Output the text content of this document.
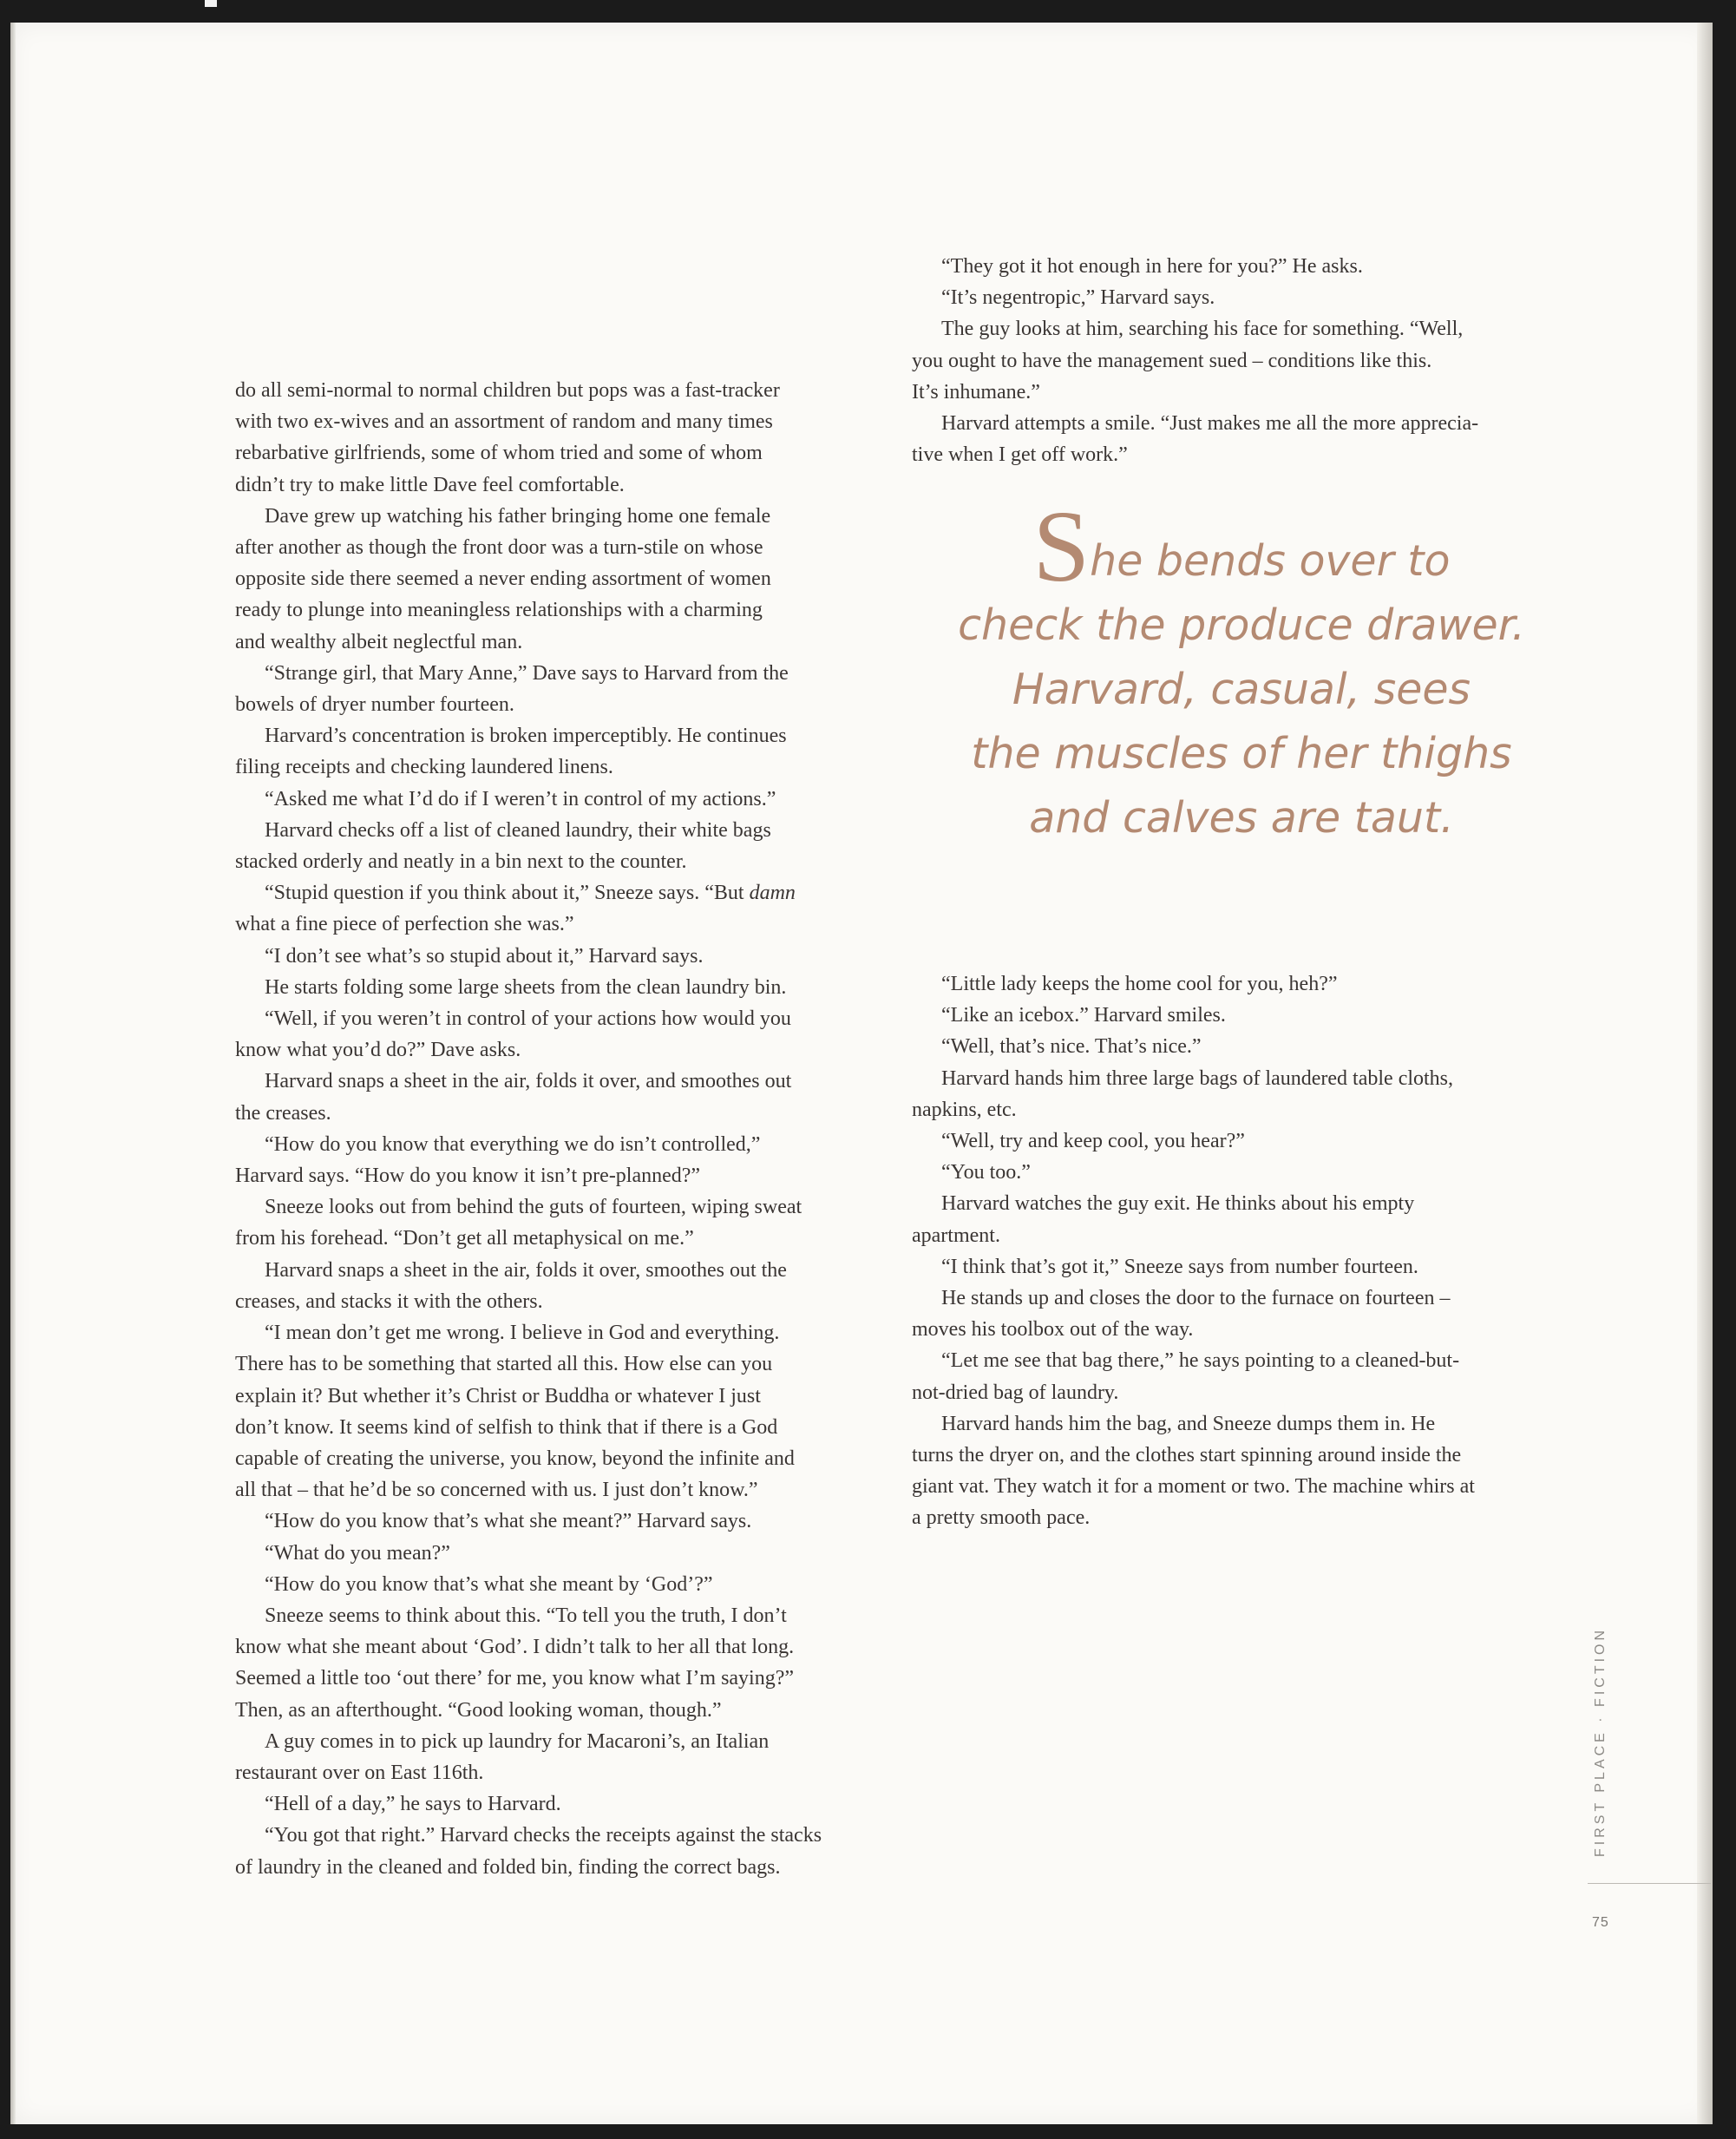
do all semi-normal to normal children but pops was a fast-tracker

with two ex-wives and an assortment of random and many times

rebarbative girlfriends, some of whom tried and some of whom

didn’t try to make little Dave feel comfortable.

Dave grew up watching his father bringing home one female

after another as though the front door was a turn-stile on whose

opposite side there seemed a never ending assortment of women

ready to plunge into meaningless relationships with a charming

and wealthy albeit neglectful man.

“Strange girl, that Mary Anne,” Dave says to Harvard from the

bowels of dryer number fourteen.

Harvard’s concentration is broken imperceptibly. He continues

filing receipts and checking laundered linens.

“Asked me what I’d do if I weren’t in control of my actions.”

Harvard checks off a list of cleaned laundry, their white bags

stacked orderly and neatly in a bin next to the counter.

“Stupid question if you think about it,” Sneeze says. “But damn

what a fine piece of perfection she was.”

“I don’t see what’s so stupid about it,” Harvard says.

He starts folding some large sheets from the clean laundry bin.

“Well, if you weren’t in control of your actions how would you

know what you’d do?” Dave asks.

Harvard snaps a sheet in the air, folds it over, and smoothes out

the creases.

“How do you know that everything we do isn’t controlled,”

Harvard says. “How do you know it isn’t pre-planned?”

Sneeze looks out from behind the guts of fourteen, wiping sweat

from his forehead. “Don’t get all metaphysical on me.”

Harvard snaps a sheet in the air, folds it over, smoothes out the

creases, and stacks it with the others.

“I mean don’t get me wrong. I believe in God and everything.

There has to be something that started all this. How else can you

explain it? But whether it’s Christ or Buddha or whatever I just

don’t know. It seems kind of selfish to think that if there is a God

capable of creating the universe, you know, beyond the infinite and

all that – that he’d be so concerned with us. I just don’t know.”

“How do you know that’s what she meant?” Harvard says.

“What do you mean?”

“How do you know that’s what she meant by ‘God’?”

Sneeze seems to think about this. “To tell you the truth, I don’t

know what she meant about ‘God’. I didn’t talk to her all that long.

Seemed a little too ‘out there’ for me, you know what I’m saying?”

Then, as an afterthought. “Good looking woman, though.”

A guy comes in to pick up laundry for Macaroni’s, an Italian

restaurant over on East 116th.

“Hell of a day,” he says to Harvard.

“You got that right.” Harvard checks the receipts against the stacks

of laundry in the cleaned and folded bin, finding the correct bags.

“They got it hot enough in here for you?” He asks.

“It’s negentropic,” Harvard says.

The guy looks at him, searching his face for something. “Well,

you ought to have the management sued – conditions like this.

It’s inhumane.”

Harvard attempts a smile. “Just makes me all the more apprecia-

tive when I get off work.”

She bends over to
check the produce drawer.
Harvard, casual, sees
the muscles of her thighs
and calves are taut.

“Little lady keeps the home cool for you, heh?”

“Like an icebox.” Harvard smiles.

“Well, that’s nice. That’s nice.”

Harvard hands him three large bags of laundered table cloths,

napkins, etc.

“Well, try and keep cool, you hear?”

“You too.”

Harvard watches the guy exit. He thinks about his empty

apartment.

“I think that’s got it,” Sneeze says from number fourteen.

He stands up and closes the door to the furnace on fourteen –

moves his toolbox out of the way.

“Let me see that bag there,” he says pointing to a cleaned-but-

not-dried bag of laundry.

Harvard hands him the bag, and Sneeze dumps them in. He

turns the dryer on, and the clothes start spinning around inside the

giant vat. They watch it for a moment or two. The machine whirs at

a pretty smooth pace.

FIRST PLACE · FICTION
75
